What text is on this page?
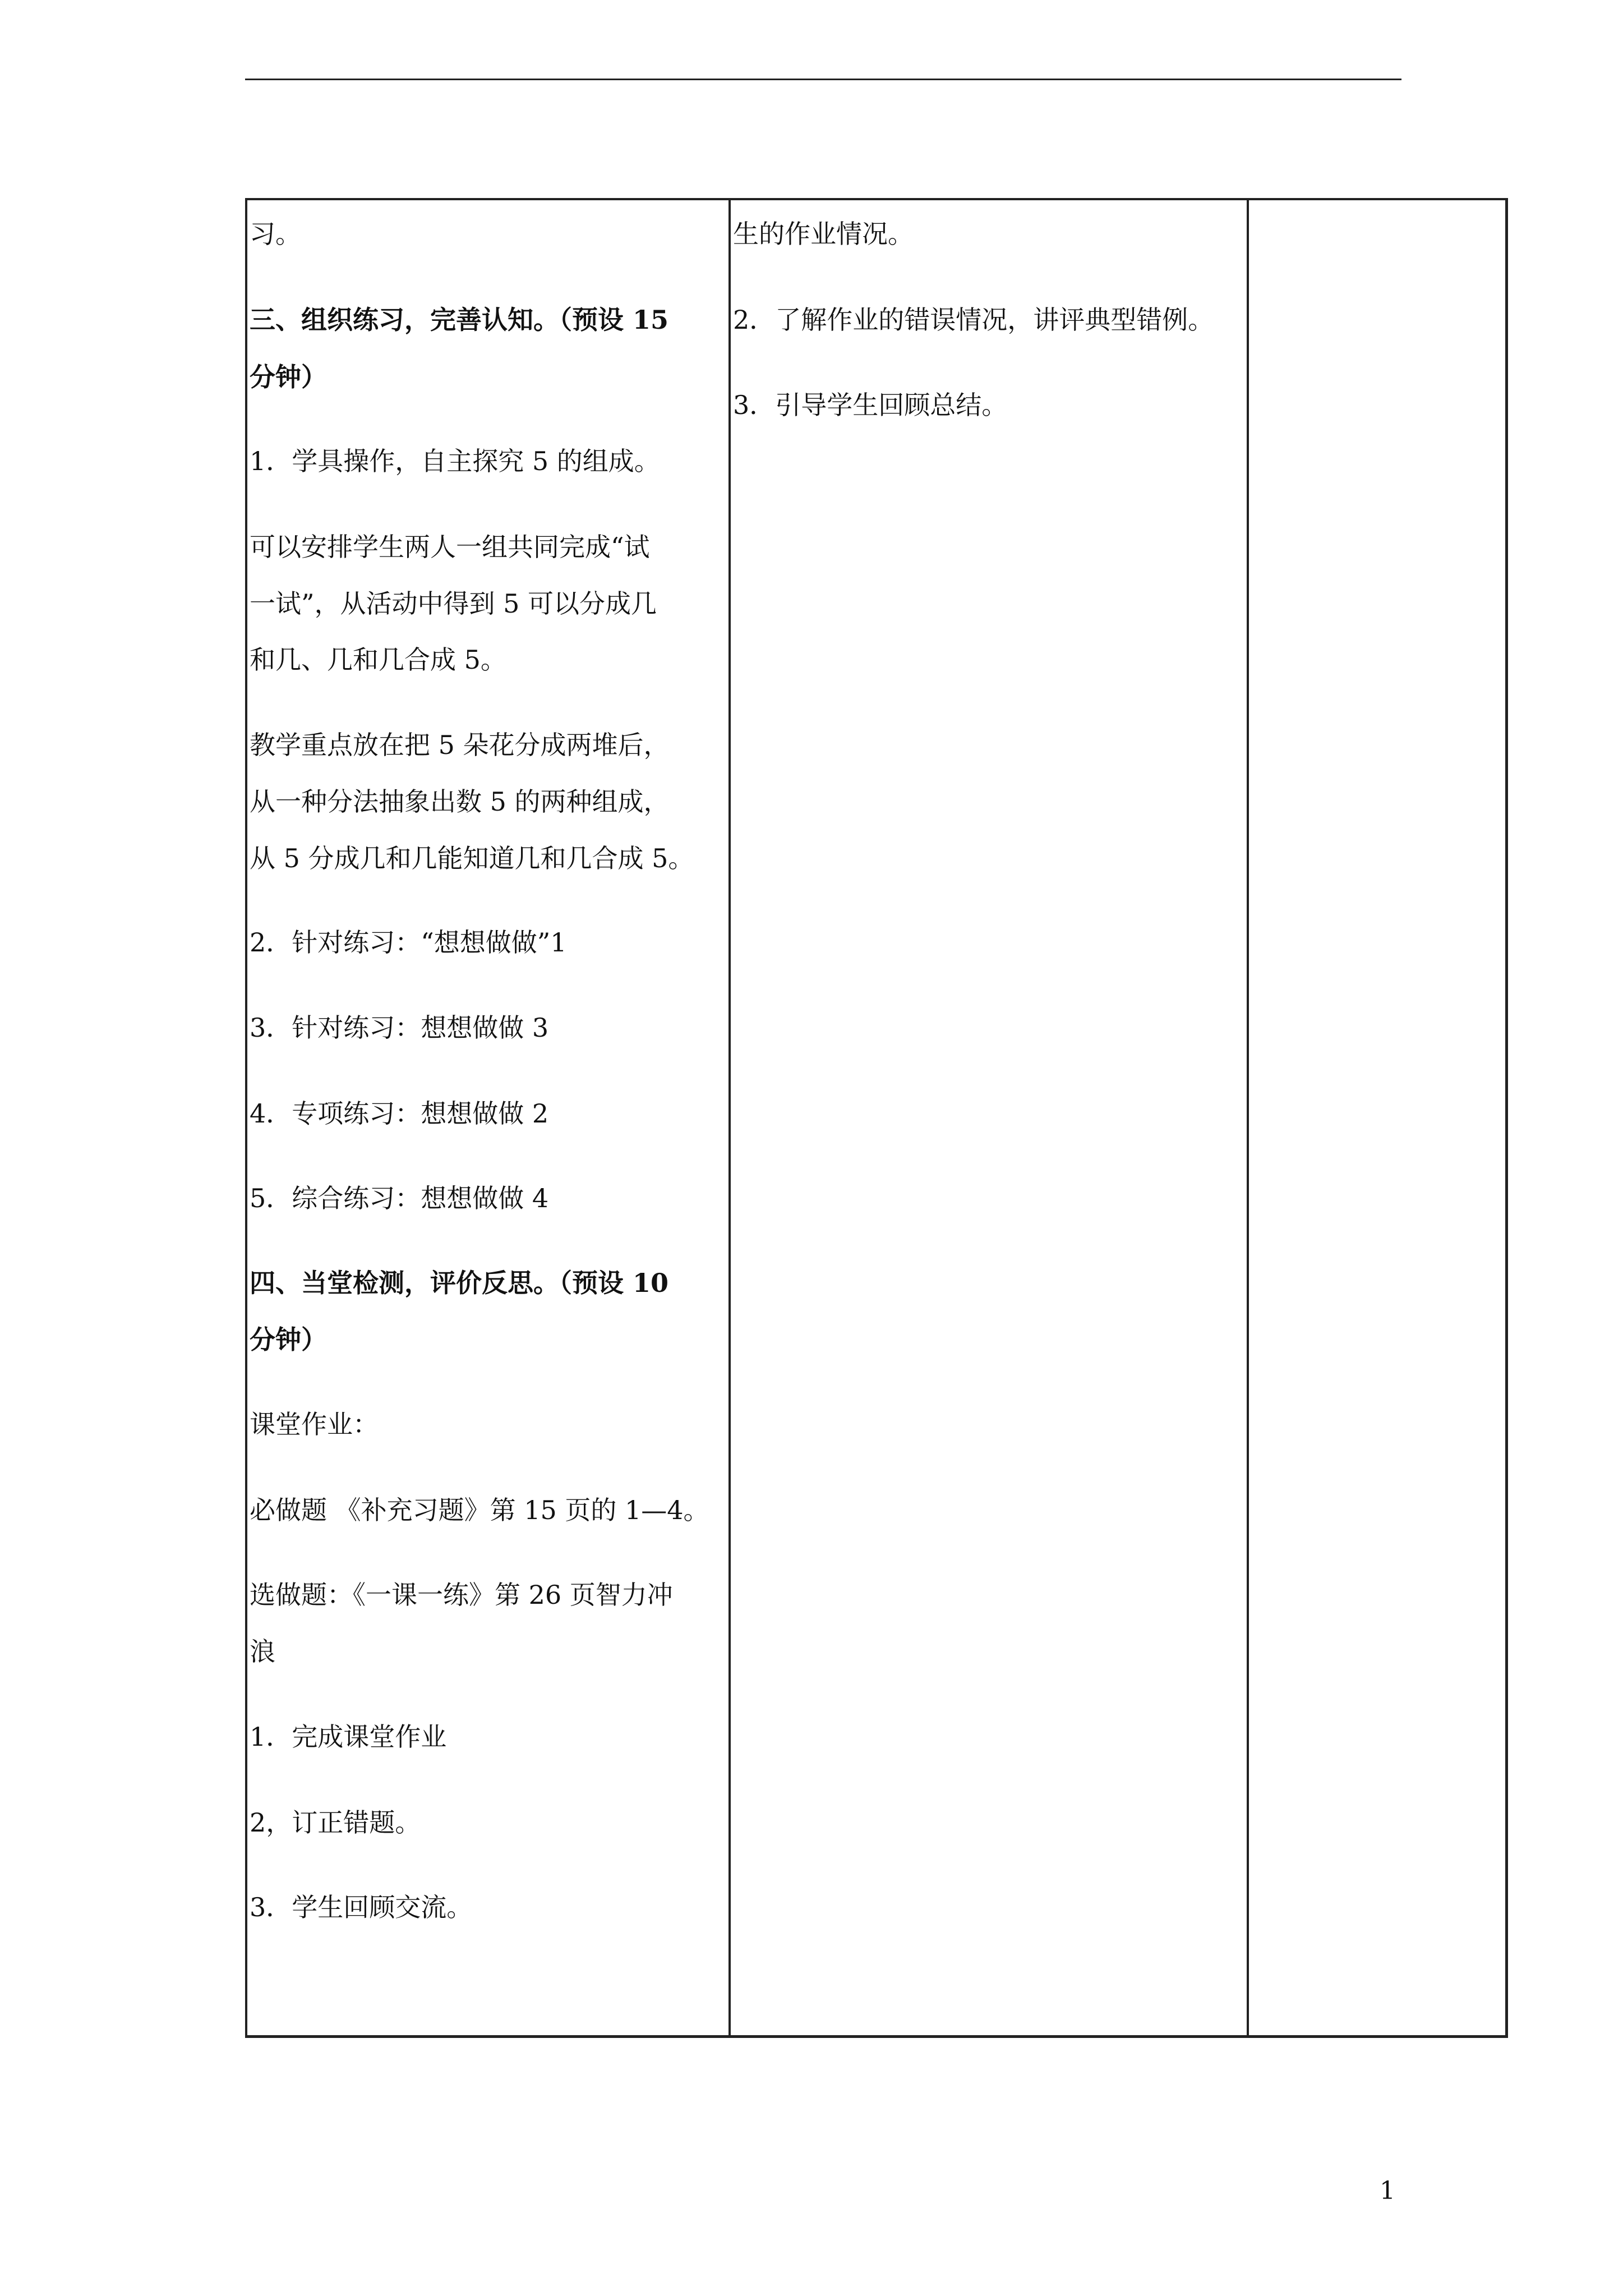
习。
三、组织练习，完善认知。（预设 15
分钟）
1．学具操作，自主探究 5 的组成。
可以安排学生两人一组共同完成“试
一试”，从活动中得到 5 可以分成几
和几、几和几合成 5。
教学重点放在把 5 朵花分成两堆后，
从一种分法抽象出数 5 的两种组成，
从 5 分成几和几能知道几和几合成 5。
2．针对练习：“想想做做”1
3．针对练习：想想做做 3
4．专项练习：想想做做 2
5．综合练习：想想做做 4
四、当堂检测，评价反思。（预设 10
分钟）
课堂作业：
必做题 《补充习题》第 15 页的 1—4。
选做题：《一课一练》第 26 页智力冲
浪
1．完成课堂作业
2，订正错题。
3．学生回顾交流。
生的作业情况。
2．了解作业的错误情况，讲评典型错例。
3．引导学生回顾总结。
1
